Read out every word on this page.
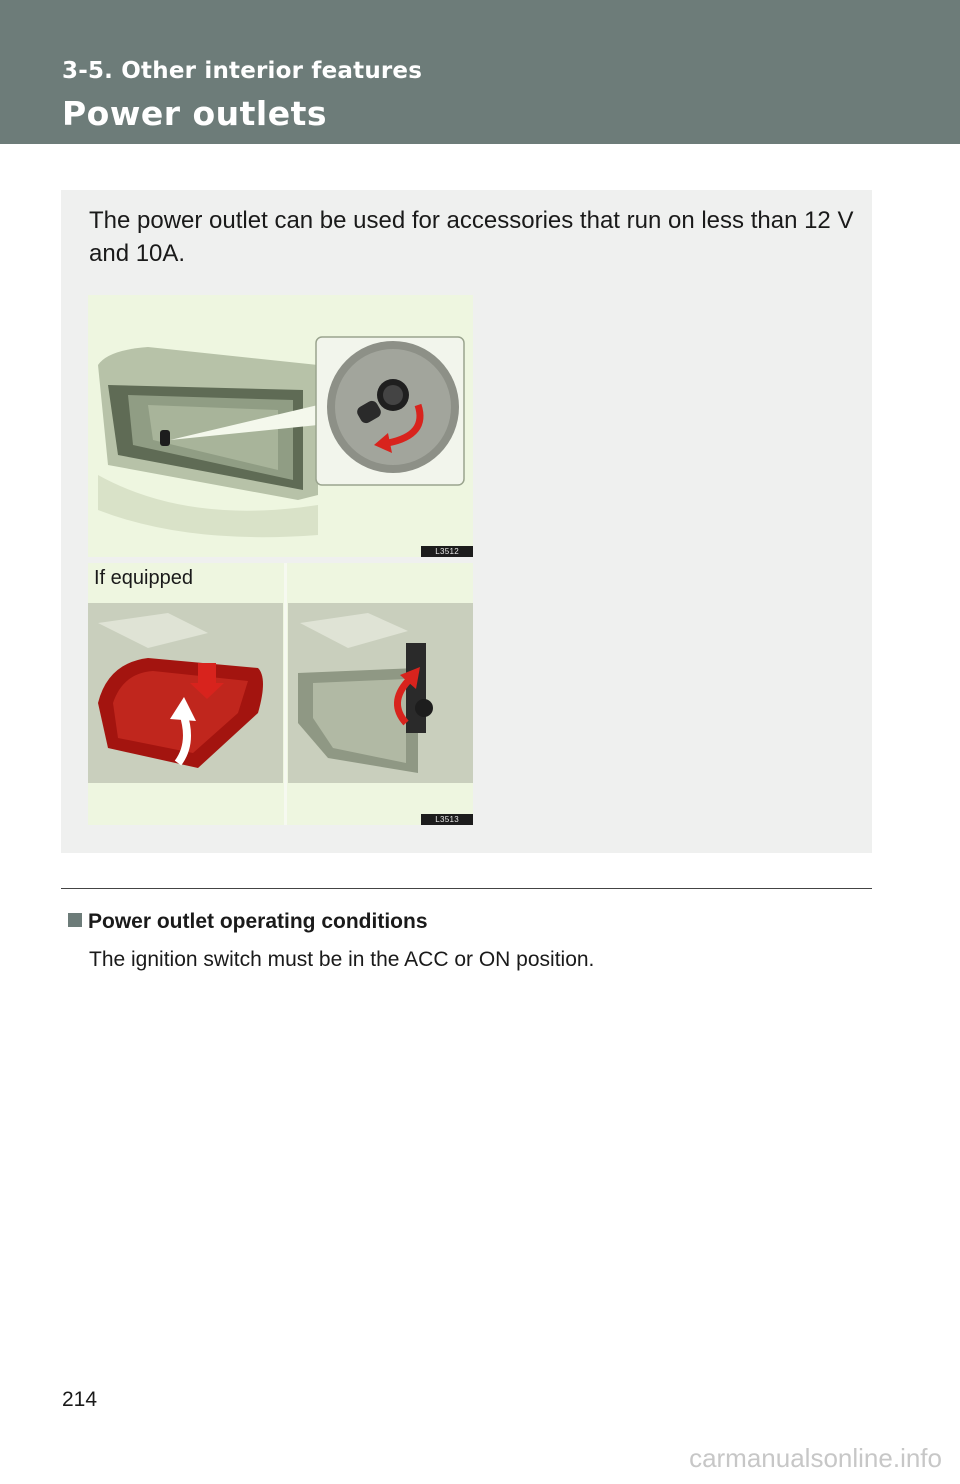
3-5. Other interior features
Power outlets
The power outlet can be used for accessories that run on less than 12 V and 10A.
L3512
If equipped
L3513
Power outlet operating conditions
The ignition switch must be in the ACC or ON position.
214
carmanualsonline.info
